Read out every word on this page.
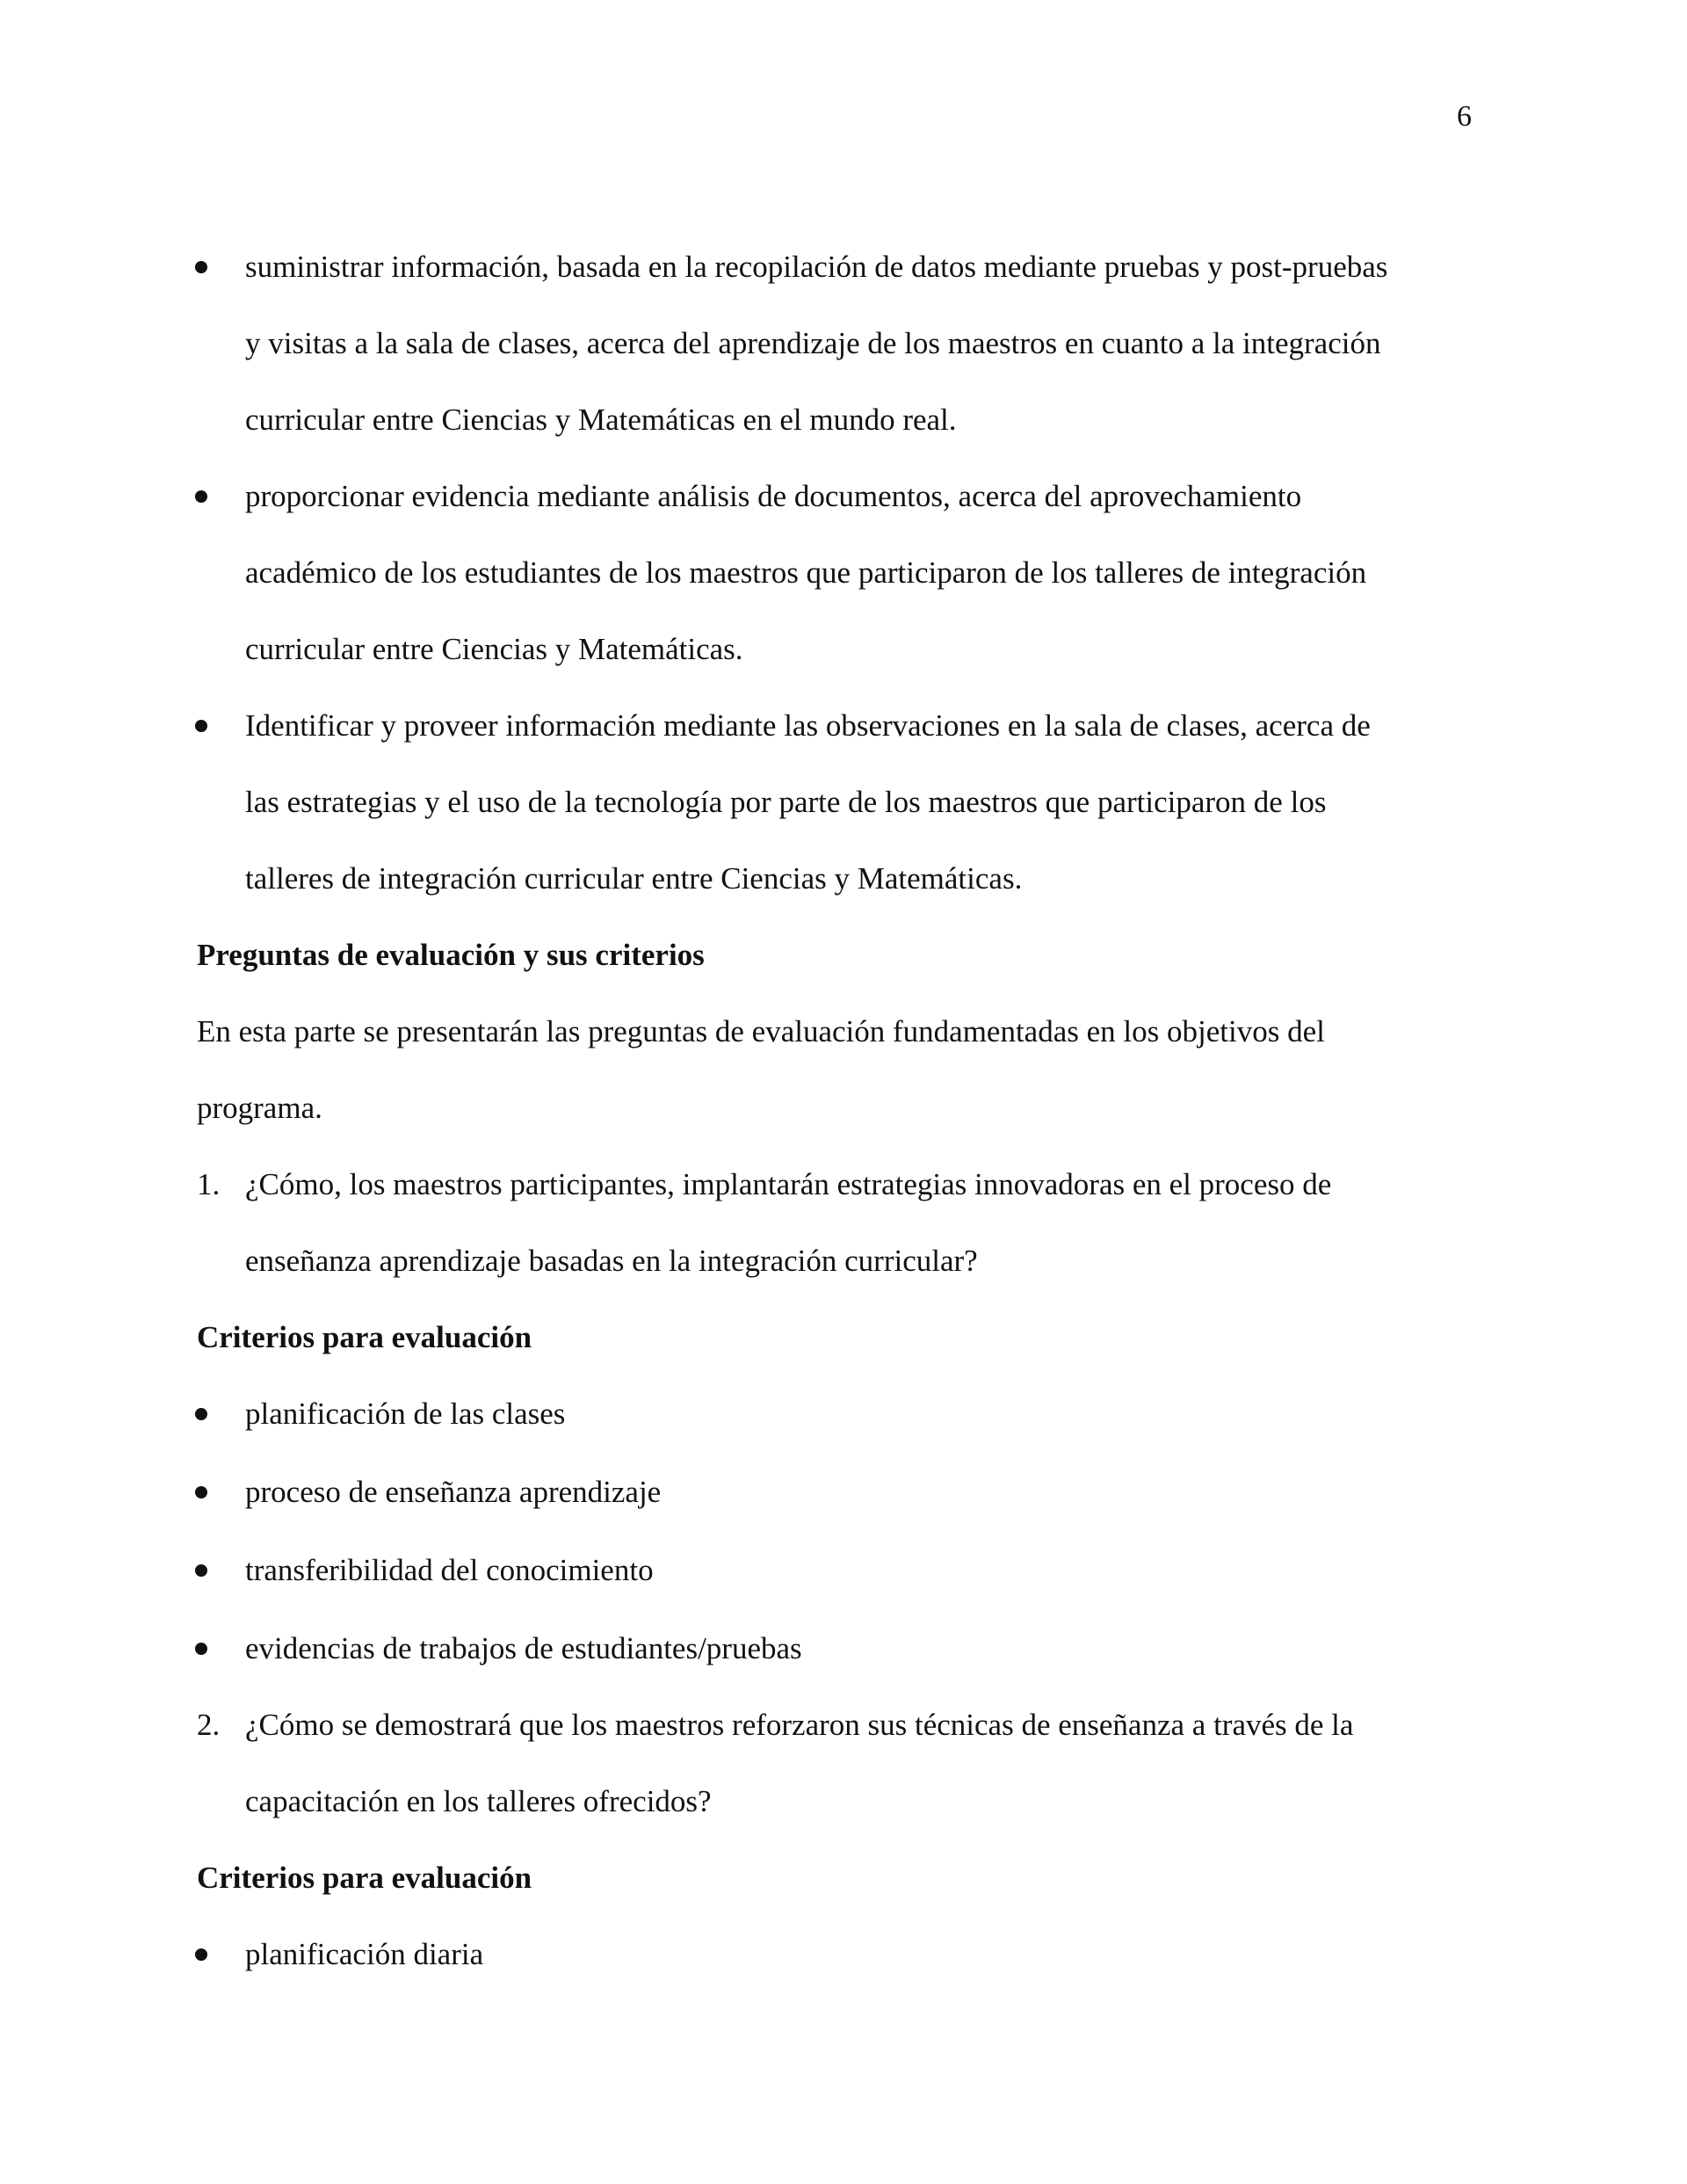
6
suministrar información, basada en la recopilación de datos mediante pruebas y post-pruebas
y visitas a la sala de clases, acerca del aprendizaje de los maestros en cuanto a la integración
curricular entre Ciencias y Matemáticas en el mundo real.
proporcionar evidencia mediante análisis de documentos, acerca del aprovechamiento
académico de los estudiantes de los maestros que participaron de los talleres de integración
curricular entre Ciencias y Matemáticas.
Identificar y proveer información mediante las observaciones en la sala de clases, acerca de
las estrategias y el uso de la tecnología por parte de los maestros que participaron de los
talleres de integración curricular entre Ciencias y Matemáticas.
Preguntas de evaluación y sus criterios
En esta parte se presentarán las preguntas de evaluación fundamentadas en los objetivos del
programa.
1. ¿Cómo, los maestros participantes, implantarán estrategias innovadoras en el proceso de
enseñanza aprendizaje basadas en la integración curricular?
Criterios para evaluación
planificación de las clases
proceso de enseñanza aprendizaje
transferibilidad del conocimiento
evidencias de trabajos de estudiantes/pruebas
2. ¿Cómo se demostrará que los maestros reforzaron sus técnicas de enseñanza a través de la
capacitación en los talleres ofrecidos?
Criterios para evaluación
planificación diaria
